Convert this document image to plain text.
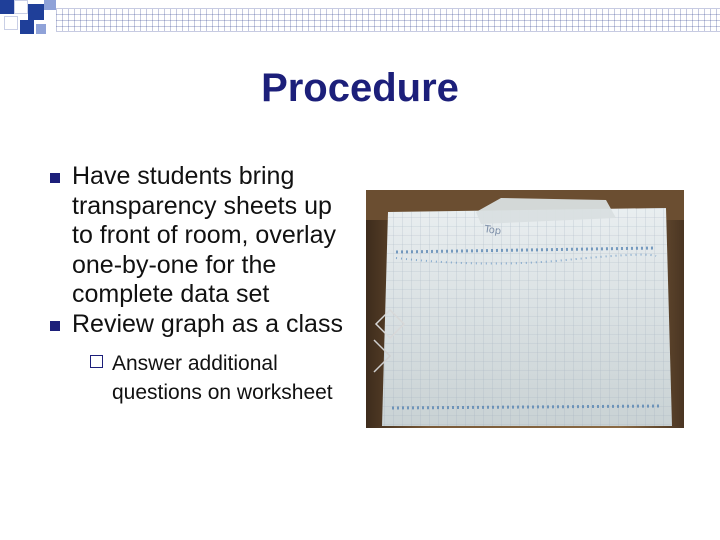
Procedure
Have students bring transparency sheets up to front of room, overlay one-by-one for the complete data set
Review graph as a class
Answer additional questions on worksheet
Top
